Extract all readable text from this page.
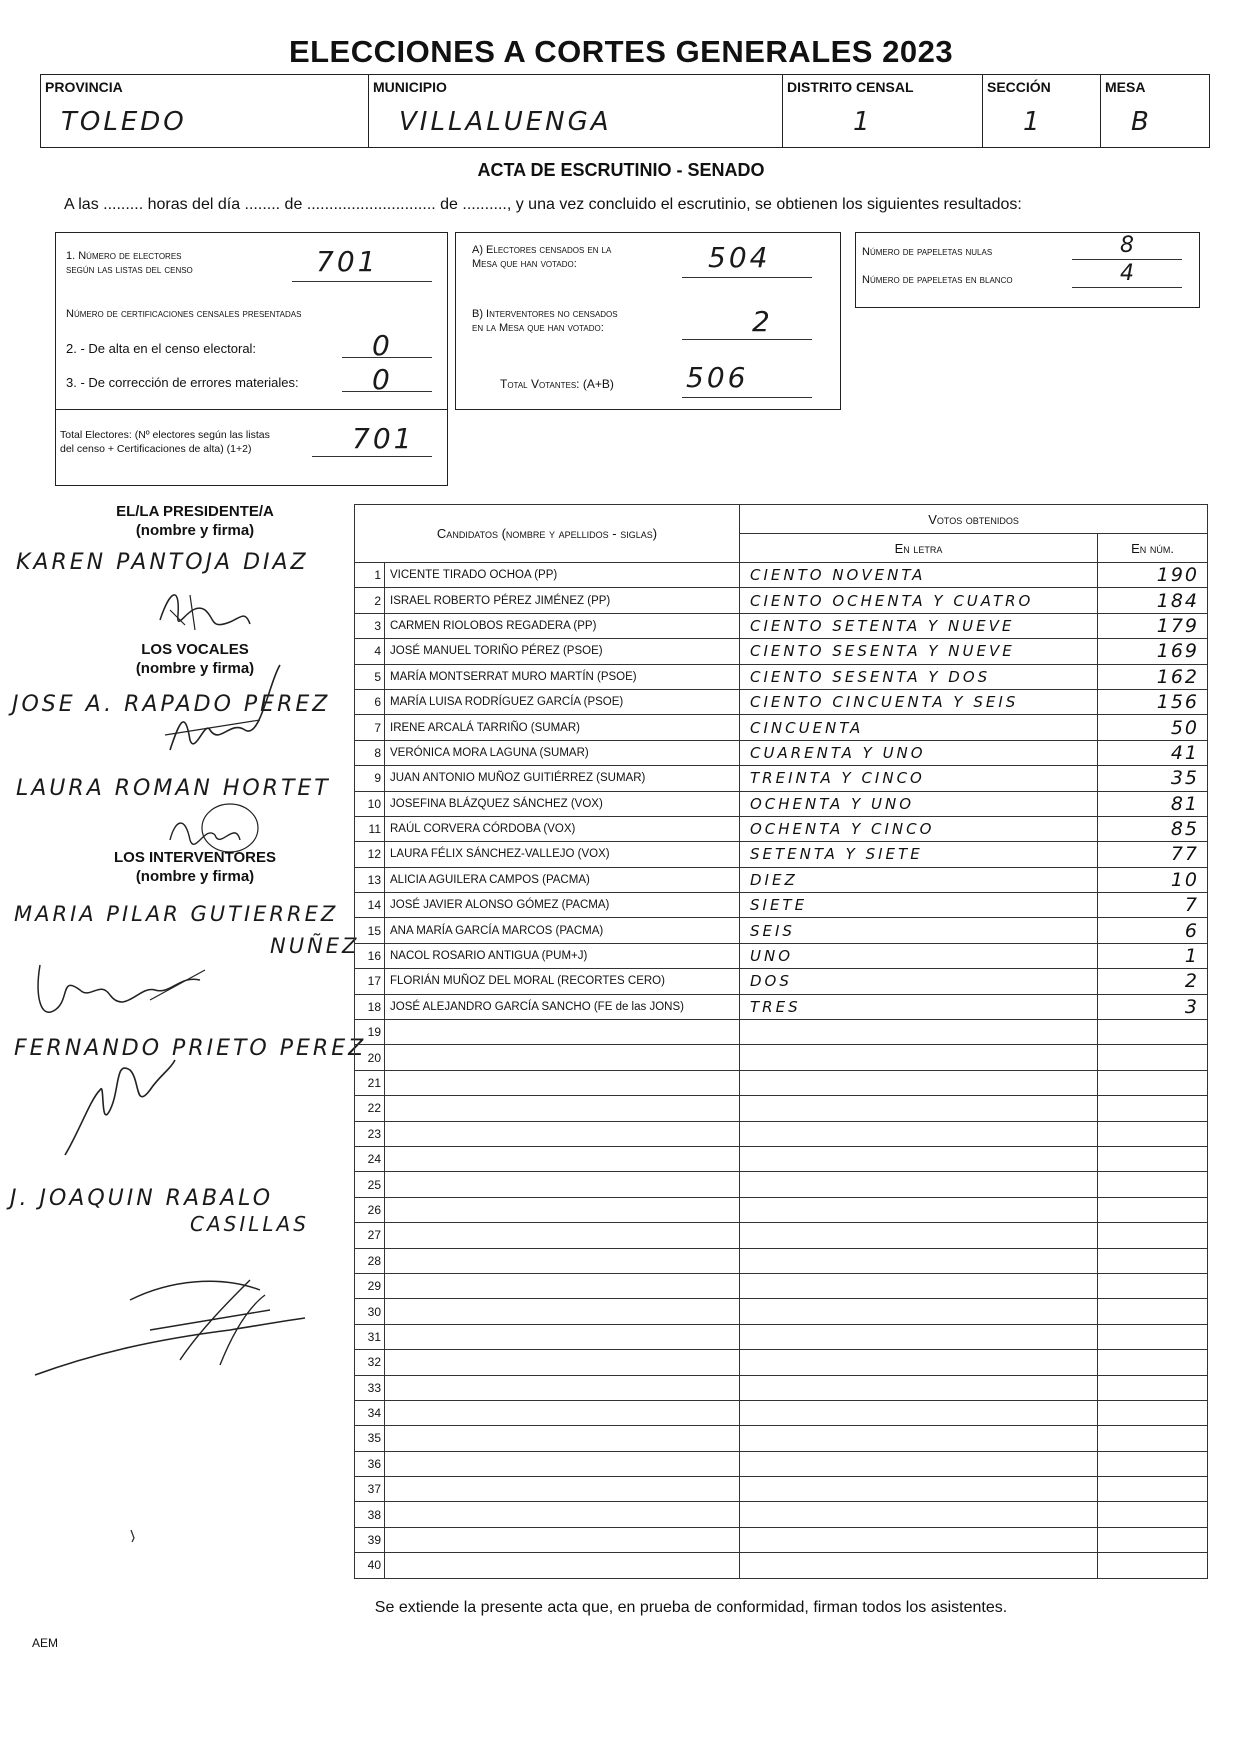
ELECCIONES A CORTES GENERALES 2023
PROVINCIA
TOLEDO
MUNICIPIO
VILLALUENGA
DISTRITO CENSAL
1
SECCIÓN
1
MESA
B
ACTA DE ESCRUTINIO - SENADO
A las ......... horas del día ........ de ............................. de .........., y una vez concluido el escrutinio, se obtienen los siguientes resultados:
1. Número de electores
según las listas del censo	701
Número de certificaciones censales presentadas
2. - De alta en el censo electoral:	0
3. - De corrección de errores materiales:	0
Total Electores: (Nº electores según las listas
del censo + Certificaciones de alta) (1+2)	701
A) Electores censados en la
Mesa que han votado:	504
B) Interventores no censados
en la Mesa que han votado:	2
Total Votantes: (A+B)	506
Número de papeletas nulas	8
Número de papeletas en blanco	4
EL/LA PRESIDENTE/A
(nombre y firma)
KAREN PANTOJA DIAZ
LOS VOCALES
(nombre y firma)
JOSE A. RAPADO PEREZ
LAURA ROMAN HORTET
LOS INTERVENTORES
(nombre y firma)
MARIA PILAR GUTIERREZ
NUÑEZ
FERNANDO PRIETO PEREZ
J. JOAQUIN RABALO
CASILLAS
Candidatos (nombre y apellidos - siglas)		Votos obtenidos	
		En letra	En núm.
1	VICENTE TIRADO OCHOA (PP)	CIENTO NOVENTA	190
2	ISRAEL ROBERTO PÉREZ JIMÉNEZ (PP)	CIENTO OCHENTA Y CUATRO	184
3	CARMEN RIOLOBOS REGADERA (PP)	CIENTO SETENTA Y NUEVE	179
4	JOSÉ MANUEL TORIÑO PÉREZ (PSOE)	CIENTO SESENTA Y NUEVE	169
5	MARÍA MONTSERRAT MURO MARTÍN (PSOE)	CIENTO SESENTA Y DOS	162
6	MARÍA LUISA RODRÍGUEZ GARCÍA (PSOE)	CIENTO CINCUENTA Y SEIS	156
7	IRENE ARCALÁ TARRIÑO (SUMAR)	CINCUENTA	50
8	VERÓNICA MORA LAGUNA (SUMAR)	CUARENTA Y UNO	41
9	JUAN ANTONIO MUÑOZ GUITIÉRREZ (SUMAR)	TREINTA Y CINCO	35
10	JOSEFINA BLÁZQUEZ SÁNCHEZ (VOX)	OCHENTA Y UNO	81
11	RAÚL CORVERA CÓRDOBA (VOX)	OCHENTA Y CINCO	85
12	LAURA FÉLIX SÁNCHEZ-VALLEJO (VOX)	SETENTA Y SIETE	77
13	ALICIA AGUILERA CAMPOS (PACMA)	DIEZ	10
14	JOSÉ JAVIER ALONSO GÓMEZ (PACMA)	SIETE	7
15	ANA MARÍA GARCÍA MARCOS (PACMA)	SEIS	6
16	NACOL ROSARIO ANTIGUA (PUM+J)	UNO	1
17	FLORIÁN MUÑOZ DEL MORAL (RECORTES CERO)	DOS	2
18	JOSÉ ALEJANDRO GARCÍA SANCHO (FE de las JONS)	TRES	3
19			
20			
21			
22			
23			
24			
25			
26			
27			
28			
29			
30			
31			
32			
33			
34			
35			
36			
37			
38			
39			
40			
Se extiende la presente acta que, en prueba de conformidad, firman todos los asistentes.
AEM
